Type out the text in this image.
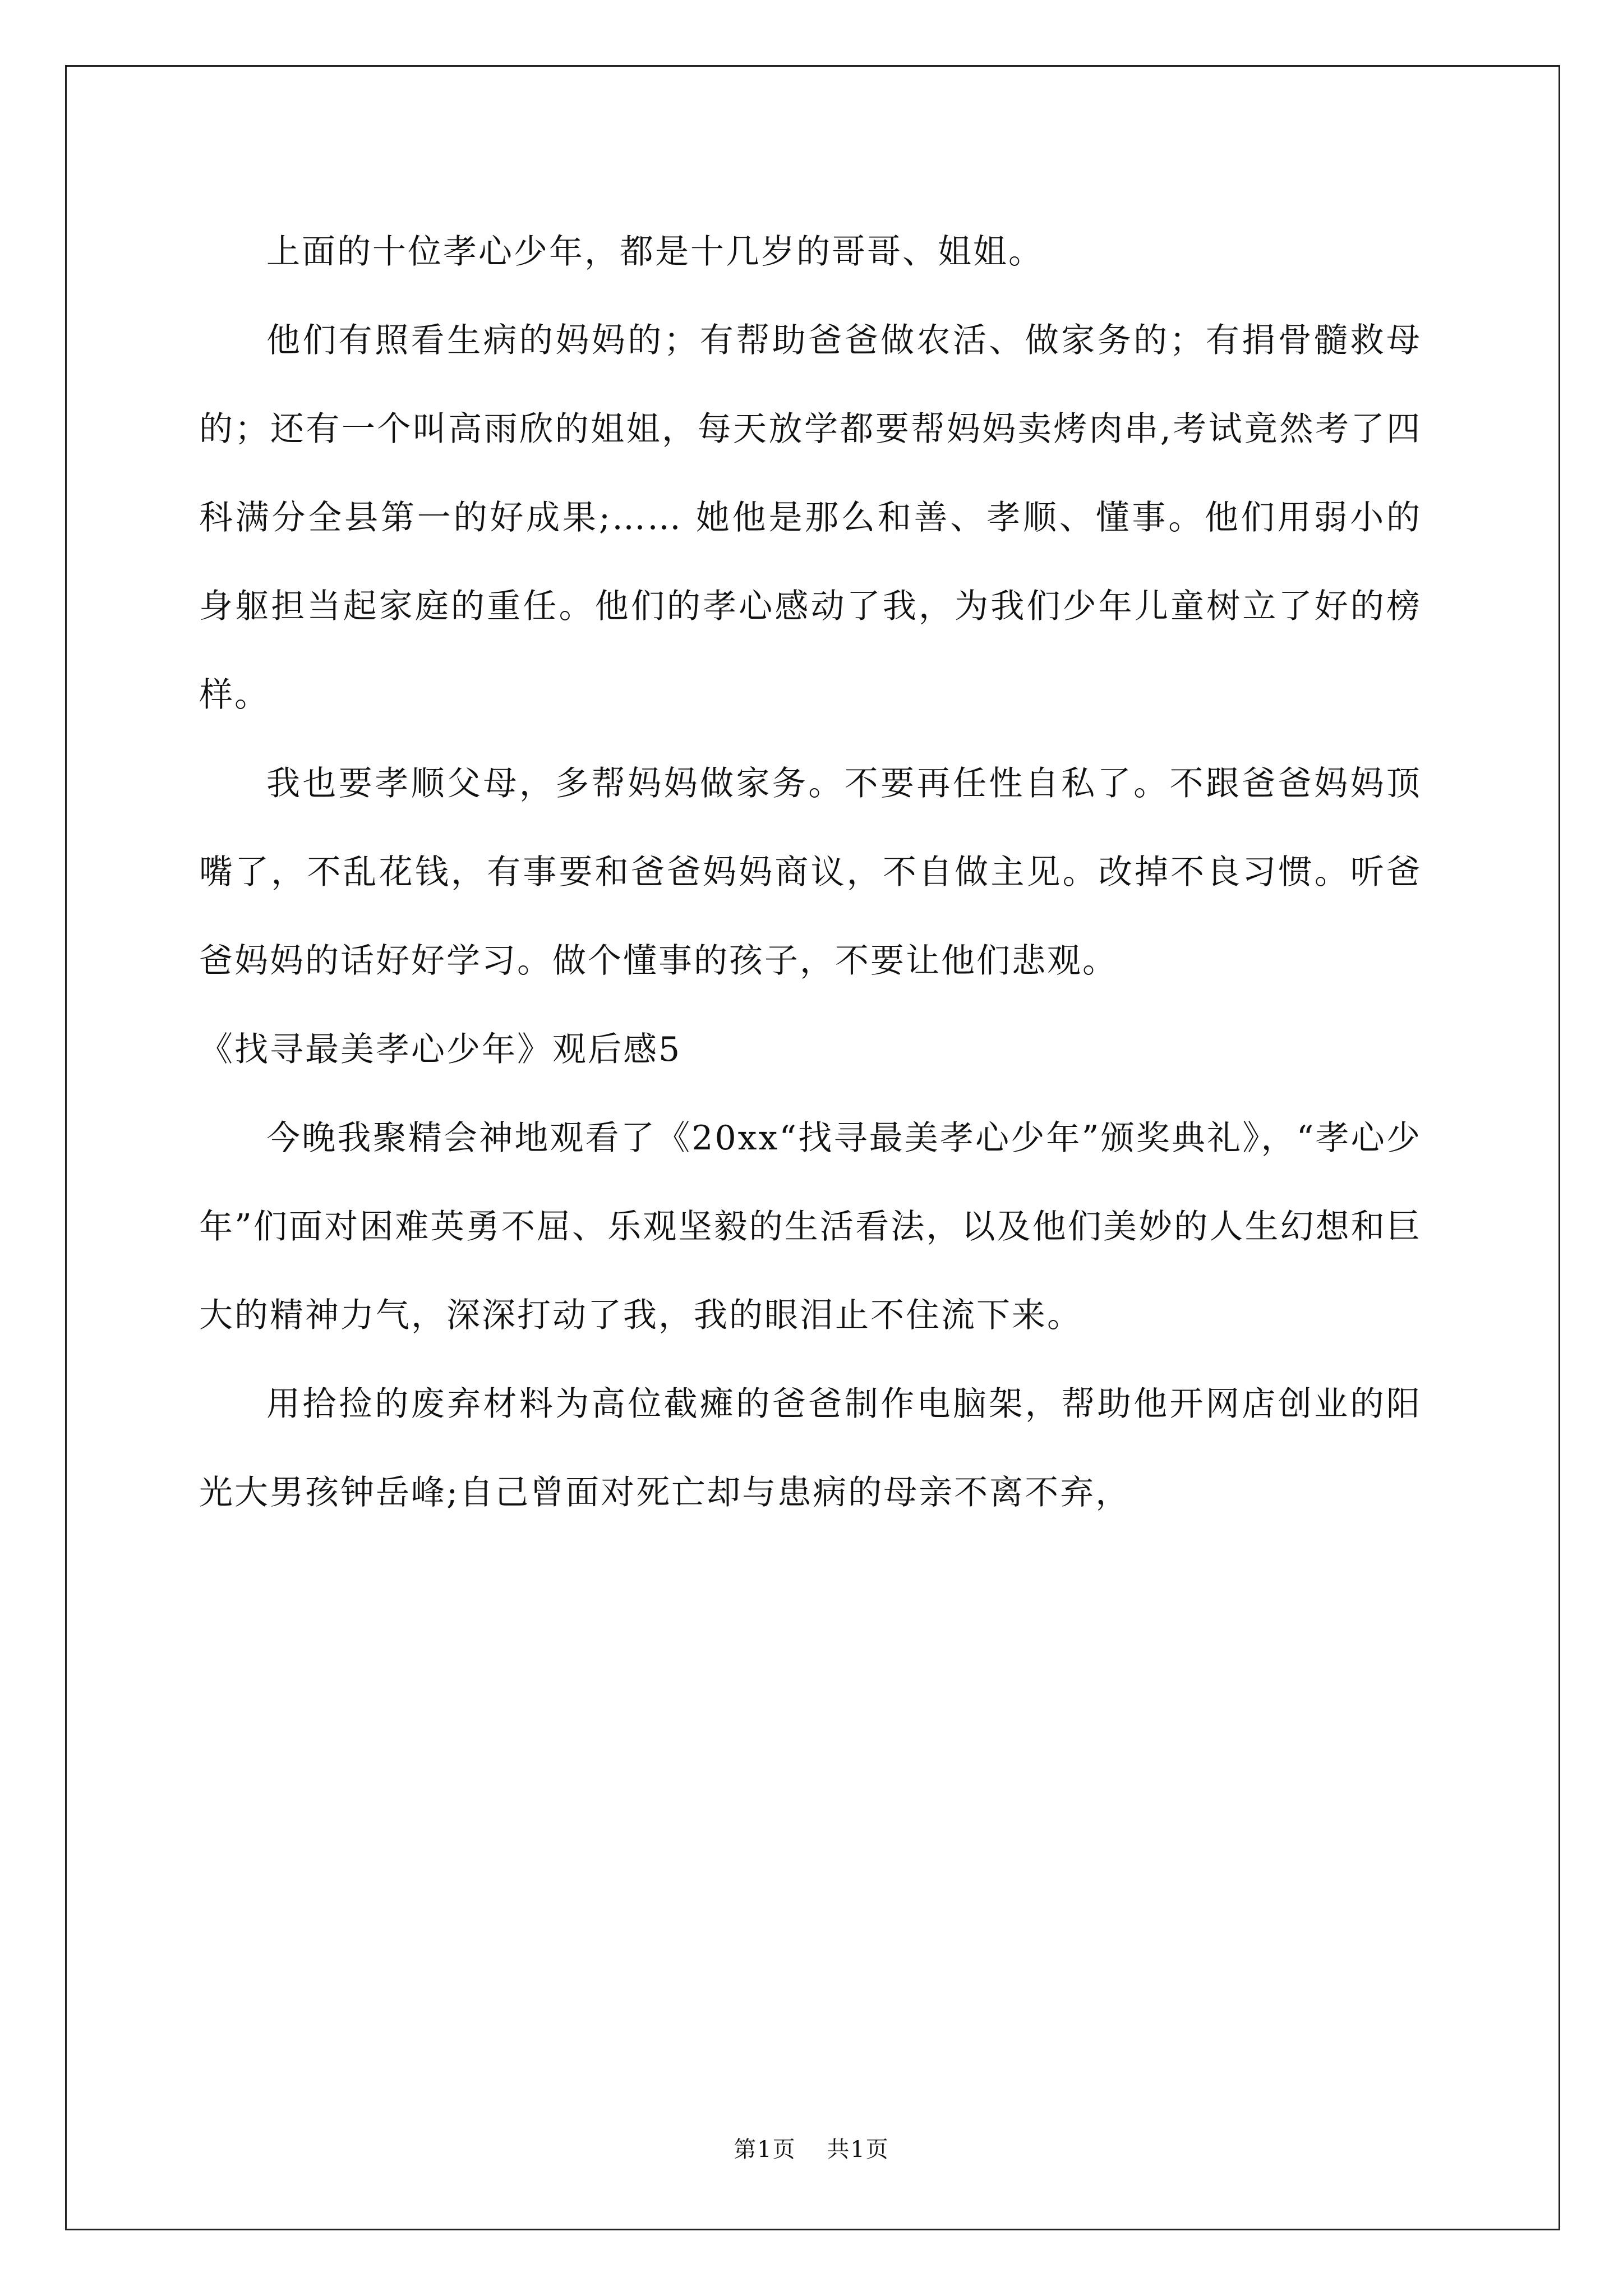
上面的十位孝心少年，都是十几岁的哥哥、姐姐。

他们有照看生病的妈妈的；有帮助爸爸做农活、做家务的；有捐骨髓救母的；还有一个叫高雨欣的姐姐，每天放学都要帮妈妈卖烤肉串,考试竟然考了四科满分全县第一的好成果;…… 她他是那么和善、孝顺、懂事。他们用弱小的身躯担当起家庭的重任。他们的孝心感动了我，为我们少年儿童树立了好的榜样。

我也要孝顺父母，多帮妈妈做家务。不要再任性自私了。不跟爸爸妈妈顶嘴了，不乱花钱，有事要和爸爸妈妈商议，不自做主见。改掉不良习惯。听爸爸妈妈的话好好学习。做个懂事的孩子，不要让他们悲观。

《找寻最美孝心少年》观后感5

今晚我聚精会神地观看了《20xx“找寻最美孝心少年”颁奖典礼》，“孝心少年”们面对困难英勇不屈、乐观坚毅的生活看法，以及他们美妙的人生幻想和巨大的精神力气，深深打动了我，我的眼泪止不住流下来。

用拾捡的废弃材料为高位截瘫的爸爸制作电脑架，帮助他开网店创业的阳光大男孩钟岳峰;自己曾面对死亡却与患病的母亲不离不弃，

第1页 共1页
